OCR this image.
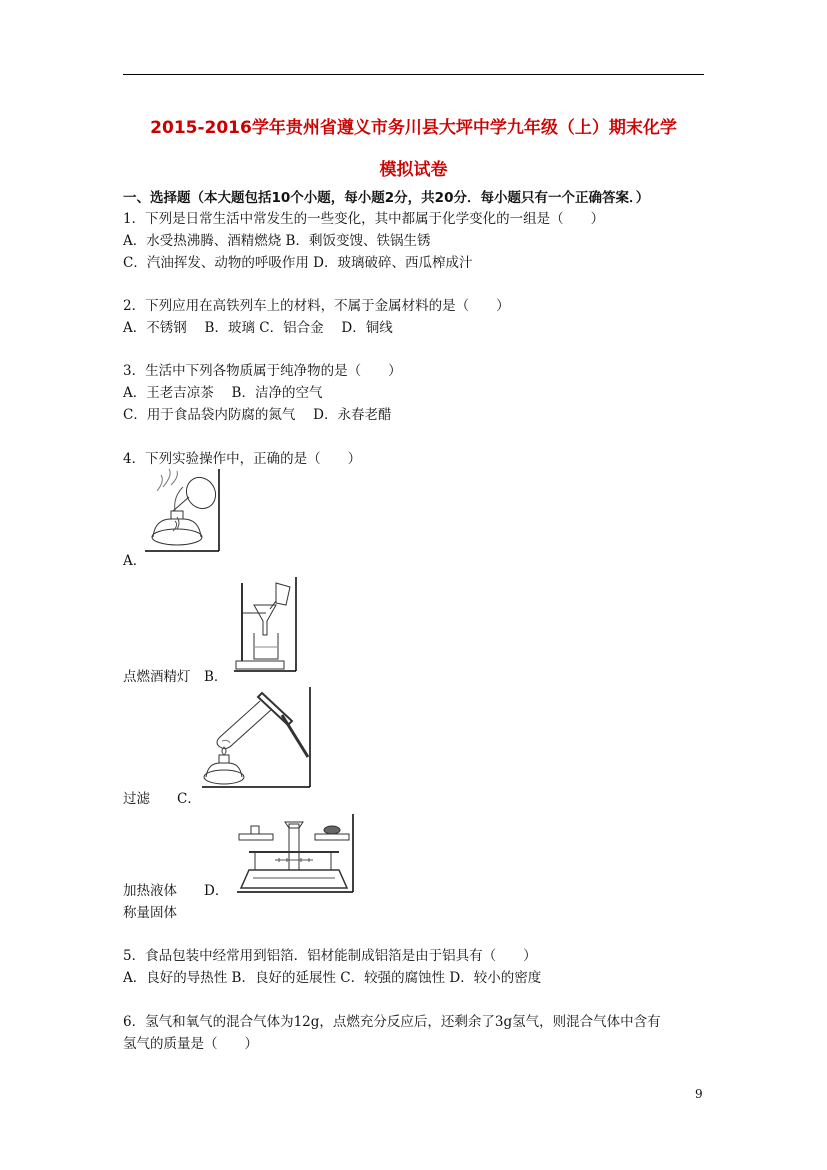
2015-2016学年贵州省遵义市务川县大坪中学九年级（上）期末化学
模拟试卷
一、选择题（本大题包括10个小题，每小题2分，共20分．每小题只有一个正确答案．）
1．下列是日常生活中常发生的一些变化，其中都属于化学变化的一组是（　　）
A．水受热沸腾、酒精燃烧 B．剩饭变馊、铁锅生锈
C．汽油挥发、动物的呼吸作用 D．玻璃破碎、西瓜榨成汁
2．下列应用在高铁列车上的材料，不属于金属材料的是（　　）
A．不锈钢　 B．玻璃 C．铝合金　 D．铜线
3．生活中下列各物质属于纯净物的是（　　）
A．王老吉凉茶　 B．洁净的空气
C．用于食品袋内防腐的氮气　 D．永春老醋
4．下列实验操作中，正确的是（　　）
A．
点燃酒精灯　B．
过滤　　C．
加热液体　　D．
称量固体
5．食品包装中经常用到铝箔．铝材能制成铝箔是由于铝具有（　　）
A．良好的导热性 B．良好的延展性 C．较强的腐蚀性 D．较小的密度
6．氢气和氧气的混合气体为12g，点燃充分反应后，还剩余了3g氢气，则混合气体中含有
氢气的质量是（　　）
9
